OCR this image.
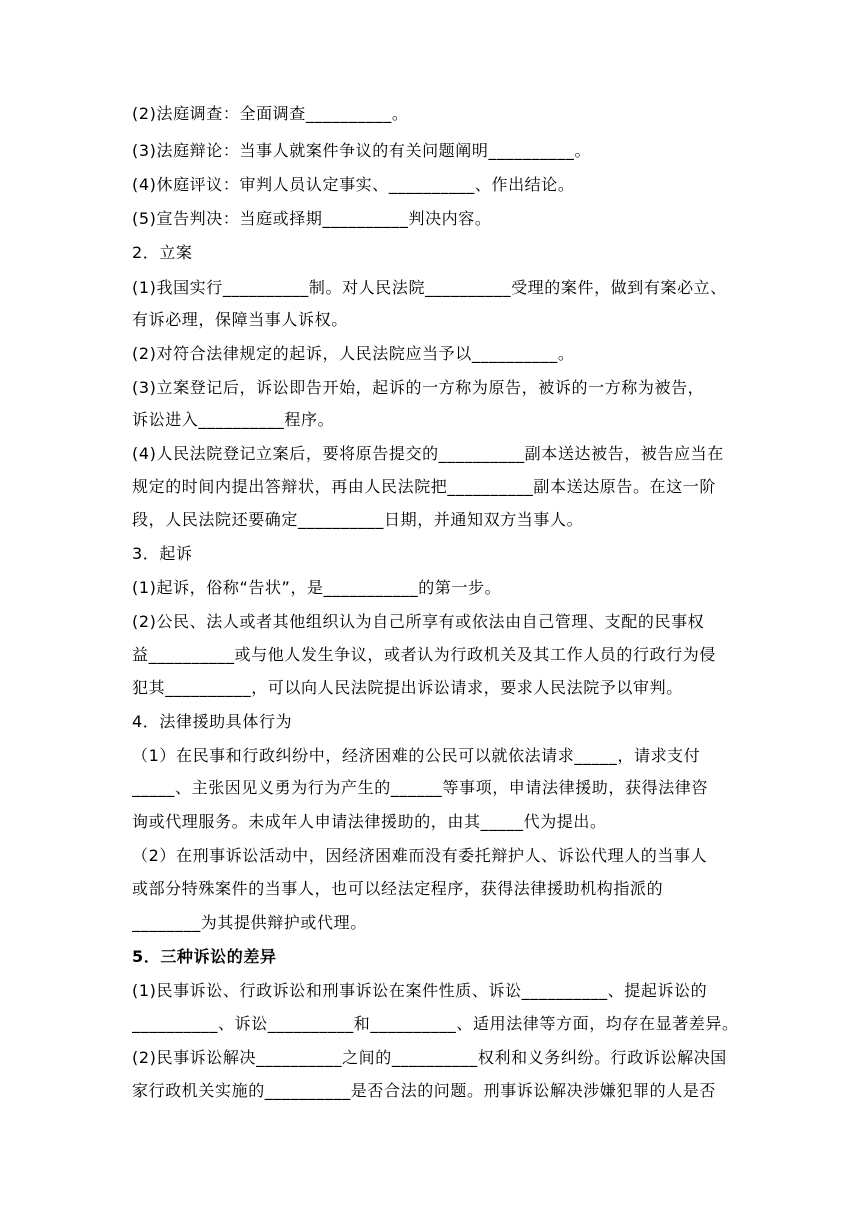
(2)法庭调查：全面调查__________。
(3)法庭辩论：当事人就案件争议的有关问题阐明__________。
(4)休庭评议：审判人员认定事实、__________、作出结论。
(5)宣告判决：当庭或择期__________判决内容。
2．立案
(1)我国实行__________制。对人民法院__________受理的案件，做到有案必立、
有诉必理，保障当事人诉权。
(2)对符合法律规定的起诉，人民法院应当予以__________。
(3)立案登记后，诉讼即告开始，起诉的一方称为原告，被诉的一方称为被告，
诉讼进入__________程序。
(4)人民法院登记立案后，要将原告提交的__________副本送达被告，被告应当在
规定的时间内提出答辩状，再由人民法院把__________副本送达原告。在这一阶
段，人民法院还要确定__________日期，并通知双方当事人。
3．起诉
(1)起诉，俗称“告状”，是___________的第一步。
(2)公民、法人或者其他组织认为自己所享有或依法由自己管理、支配的民事权
益__________或与他人发生争议，或者认为行政机关及其工作人员的行政行为侵
犯其__________，可以向人民法院提出诉讼请求，要求人民法院予以审判。
4．法律援助具体行为
（1）在民事和行政纠纷中，经济困难的公民可以就依法请求_____，请求支付
_____、主张因见义勇为行为产生的______等事项，申请法律援助，获得法律咨
询或代理服务。未成年人申请法律援助的，由其_____代为提出。
（2）在刑事诉讼活动中，因经济困难而没有委托辩护人、诉讼代理人的当事人
或部分特殊案件的当事人，也可以经法定程序，获得法律援助机构指派的
________为其提供辩护或代理。
5．三种诉讼的差异
(1)民事诉讼、行政诉讼和刑事诉讼在案件性质、诉讼__________、提起诉讼的
__________、诉讼__________和__________、适用法律等方面，均存在显著差异。
(2)民事诉讼解决__________之间的__________权利和义务纠纷。行政诉讼解决国
家行政机关实施的__________是否合法的问题。刑事诉讼解决涉嫌犯罪的人是否
